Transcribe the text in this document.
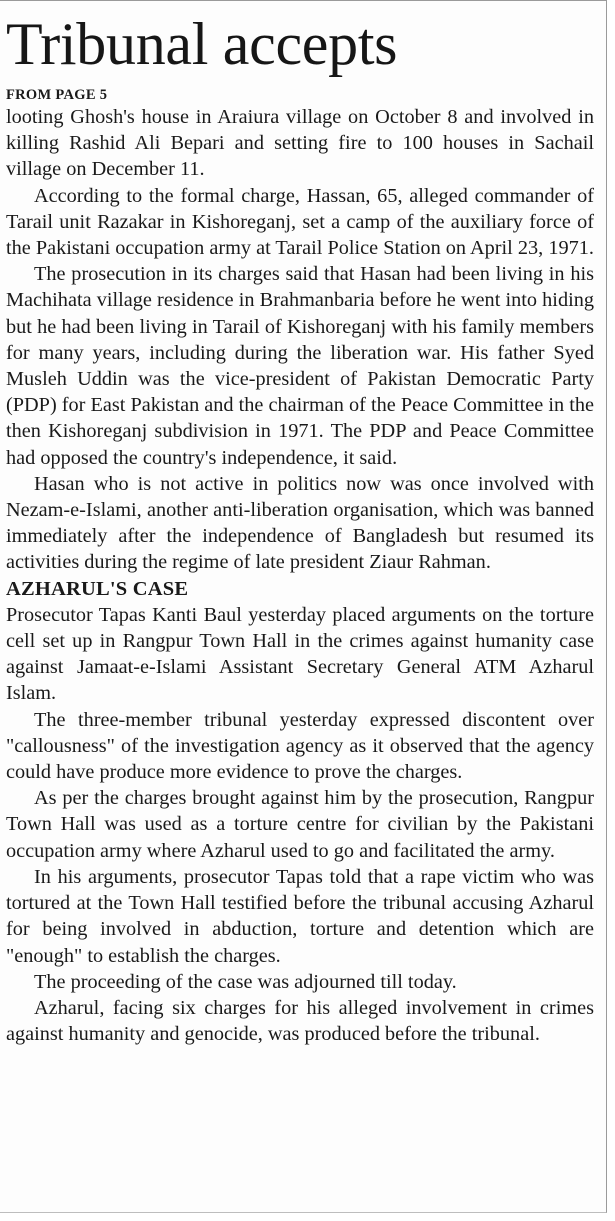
Tribunal accepts
FROM PAGE 5

looting Ghosh's house in Araiura village on October 8 and involved in killing Rashid Ali Bepari and setting fire to 100 houses in Sachail village on December 11.

According to the formal charge, Hassan, 65, alleged commander of Tarail unit Razakar in Kishoreganj, set a camp of the auxiliary force of the Pakistani occupation army at Tarail Police Station on April 23, 1971.

The prosecution in its charges said that Hasan had been living in his Machihata village residence in Brahmanbaria before he went into hiding but he had been living in Tarail of Kishoreganj with his family members for many years, including during the liberation war. His father Syed Musleh Uddin was the vice-president of Pakistan Democratic Party (PDP) for East Pakistan and the chairman of the Peace Committee in the then Kishoreganj subdivision in 1971. The PDP and Peace Committee had opposed the country's independence, it said.

Hasan who is not active in politics now was once involved with Nezam-e-Islami, another anti-liberation organisation, which was banned immediately after the independence of Bangladesh but resumed its activities during the regime of late president Ziaur Rahman.

AZHARUL'S CASE

Prosecutor Tapas Kanti Baul yesterday placed arguments on the torture cell set up in Rangpur Town Hall in the crimes against humanity case against Jamaat-e-Islami Assistant Secretary General ATM Azharul Islam.

The three-member tribunal yesterday expressed discontent over "callousness" of the investigation agency as it observed that the agency could have produce more evidence to prove the charges.

As per the charges brought against him by the prosecution, Rangpur Town Hall was used as a torture centre for civilian by the Pakistani occupation army where Azharul used to go and facilitated the army.

In his arguments, prosecutor Tapas told that a rape victim who was tortured at the Town Hall testified before the tribunal accusing Azharul for being involved in abduction, torture and detention which are "enough" to establish the charges.

The proceeding of the case was adjourned till today.

Azharul, facing six charges for his alleged involvement in crimes against humanity and genocide, was produced before the tribunal.
